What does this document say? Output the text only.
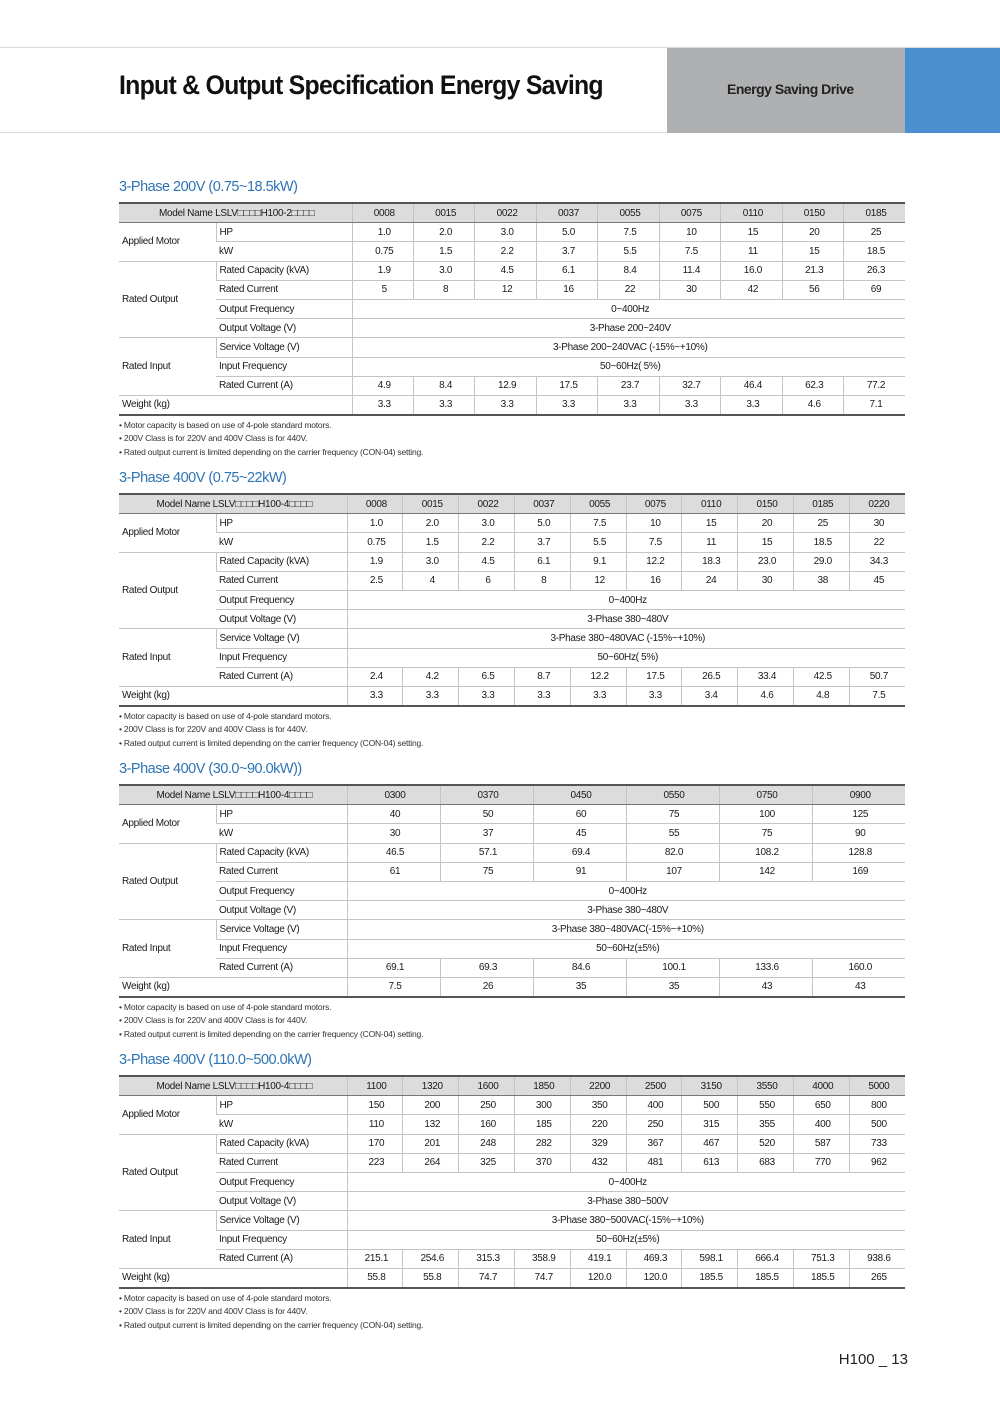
Input & Output Specification Energy Saving	Energy Saving Drive
3-Phase 200V (0.75~18.5kW)
Model Name LSLV□□□□H100-2□□□□		0008	0015	0022	0037	0055	0075	0110	0150	0185
Applied Motor	HP	1.0	2.0	3.0	5.0	7.5	10	15	20	25
	kW	0.75	1.5	2.2	3.7	5.5	7.5	11	15	18.5
Rated Output	Rated Capacity (kVA)	1.9	3.0	4.5	6.1	8.4	11.4	16.0	21.3	26.3
	Rated Current	5	8	12	16	22	30	42	56	69
	Output Frequency	0~400Hz								
	Output Voltage (V)	3-Phase 200~240V								
Rated Input	Service Voltage (V)	3-Phase 200~240VAC (-15%~+10%)								
	Input Frequency	50~60Hz( 5%)								
	Rated Current (A)	4.9	8.4	12.9	17.5	23.7	32.7	46.4	62.3	77.2
Weight (kg)		3.3	3.3	3.3	3.3	3.3	3.3	3.3	4.6	7.1
• Motor capacity is based on use of 4-pole standard motors.
• 200V Class is for 220V and 400V Class is for 440V.
• Rated output current is limited depending on the carrier frequency (CON-04) setting.
3-Phase 400V (0.75~22kW)
Model Name LSLV□□□□H100-4□□□□		0008	0015	0022	0037	0055	0075	0110	0150	0185	0220
Applied Motor	HP	1.0	2.0	3.0	5.0	7.5	10	15	20	25	30
	kW	0.75	1.5	2.2	3.7	5.5	7.5	11	15	18.5	22
Rated Output	Rated Capacity (kVA)	1.9	3.0	4.5	6.1	9.1	12.2	18.3	23.0	29.0	34.3
	Rated Current	2.5	4	6	8	12	16	24	30	38	45
	Output Frequency	0~400Hz									
	Output Voltage (V)	3-Phase 380~480V									
Rated Input	Service Voltage (V)	3-Phase 380~480VAC (-15%~+10%)									
	Input Frequency	50~60Hz( 5%)									
	Rated Current (A)	2.4	4.2	6.5	8.7	12.2	17.5	26.5	33.4	42.5	50.7
Weight (kg)		3.3	3.3	3.3	3.3	3.3	3.3	3.4	4.6	4.8	7.5
• Motor capacity is based on use of 4-pole standard motors.
• 200V Class is for 220V and 400V Class is for 440V.
• Rated output current is limited depending on the carrier frequency (CON-04) setting.
3-Phase 400V (30.0~90.0kW))
Model Name LSLV□□□□H100-4□□□□		0300	0370	0450	0550	0750	0900
Applied Motor	HP	40	50	60	75	100	125
	kW	30	37	45	55	75	90
Rated Output	Rated Capacity (kVA)	46.5	57.1	69.4	82.0	108.2	128.8
	Rated Current	61	75	91	107	142	169
	Output Frequency	0~400Hz					
	Output Voltage (V)	3-Phase 380~480V					
Rated Input	Service Voltage (V)	3-Phase 380~480VAC(-15%~+10%)					
	Input Frequency	50~60Hz(±5%)					
	Rated Current (A)	69.1	69.3	84.6	100.1	133.6	160.0
Weight (kg)		7.5	26	35	35	43	43
• Motor capacity is based on use of 4-pole standard motors.
• 200V Class is for 220V and 400V Class is for 440V.
• Rated output current is limited depending on the carrier frequency (CON-04) setting.
3-Phase 400V (110.0~500.0kW)
Model Name LSLV□□□□H100-4□□□□		1100	1320	1600	1850	2200	2500	3150	3550	4000	5000
Applied Motor	HP	150	200	250	300	350	400	500	550	650	800
	kW	110	132	160	185	220	250	315	355	400	500
Rated Output	Rated Capacity (kVA)	170	201	248	282	329	367	467	520	587	733
	Rated Current	223	264	325	370	432	481	613	683	770	962
	Output Frequency	0~400Hz									
	Output Voltage (V)	3-Phase 380~500V									
Rated Input	Service Voltage (V)	3-Phase 380~500VAC(-15%~+10%)									
	Input Frequency	50~60Hz(±5%)									
	Rated Current (A)	215.1	254.6	315.3	358.9	419.1	469.3	598.1	666.4	751.3	938.6
Weight (kg)		55.8	55.8	74.7	74.7	120.0	120.0	185.5	185.5	185.5	265
• Motor capacity is based on use of 4-pole standard motors.
• 200V Class is for 220V and 400V Class is for 440V.
• Rated output current is limited depending on the carrier frequency (CON-04) setting.
H100 _ 13
